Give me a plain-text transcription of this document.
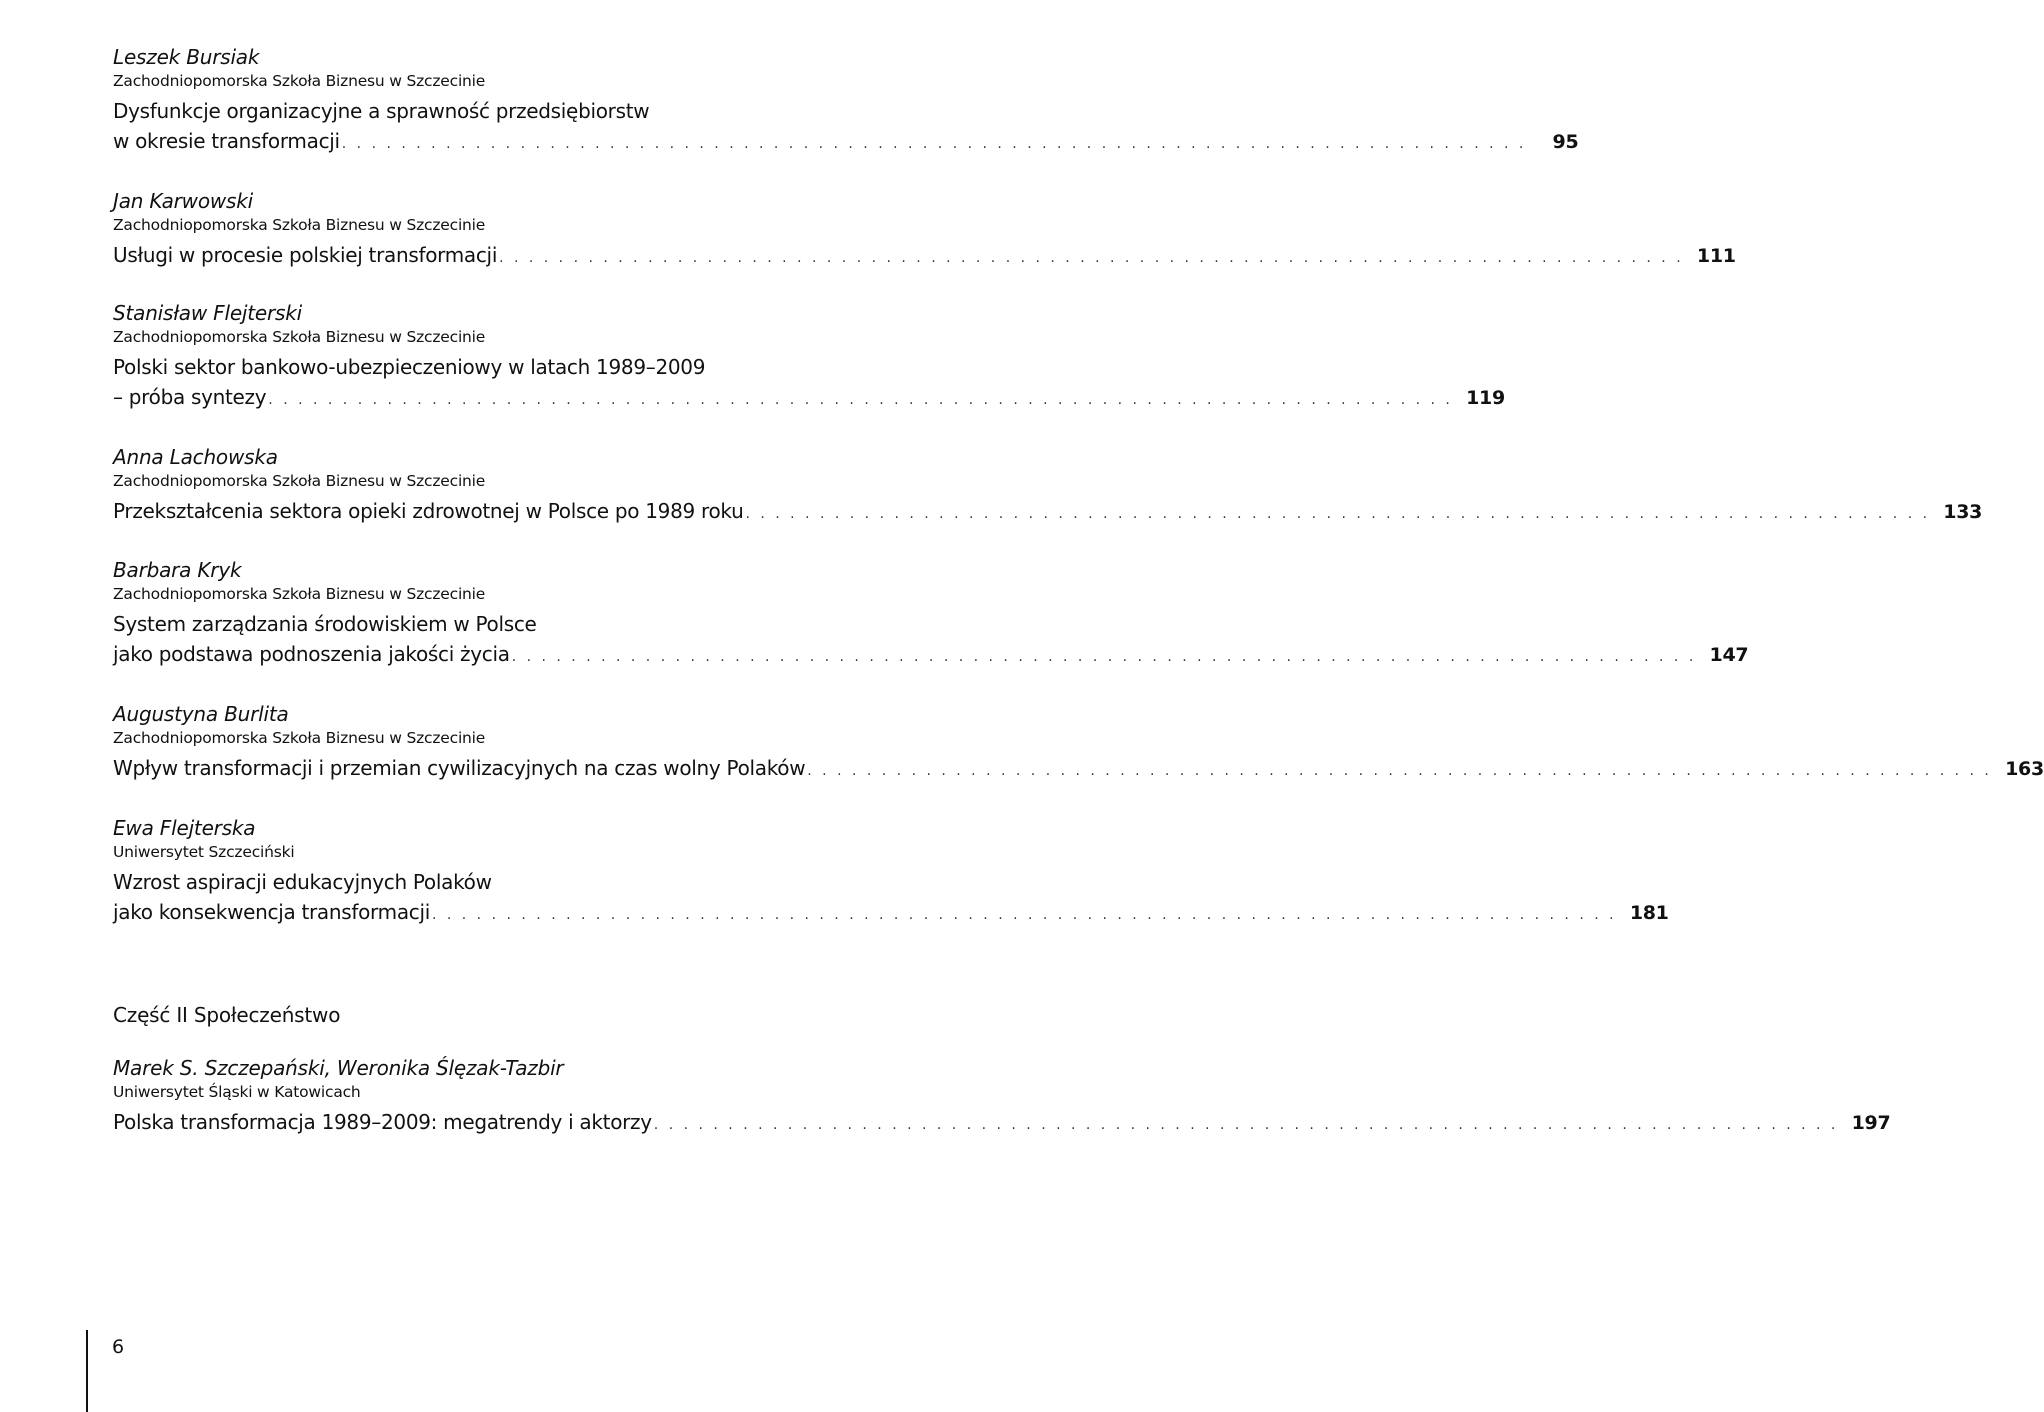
Leszek Bursiak
Zachodniopomorska Szkoła Biznesu w Szczecinie
Dysfunkcje organizacyjne a sprawność przedsiębiorstw
w okresie transformacji . . . . . . . . . . . . . . . . . . . . . . . . . . . . . . . . . . . . . . . . . . . . . . . . . . . . . . . . . . . . . . . . . . . . . . . . . . . . . . . .	95
Jan Karwowski
Zachodniopomorska Szkoła Biznesu w Szczecinie
Usługi w procesie polskiej transformacji . . . . . . . . . . . . . . . . . . . . . . . . . . . . . . . . . . . . . . . . . . . . . . . . . . . . . . . . . . . . . . . . . . . . . . . . . . . . . . . . 111
Stanisław Flejterski
Zachodniopomorska Szkoła Biznesu w Szczecinie
Polski sektor bankowo-ubezpieczeniowy w latach 1989–2009
– próba syntezy . . . . . . . . . . . . . . . . . . . . . . . . . . . . . . . . . . . . . . . . . . . . . . . . . . . . . . . . . . . . . . . . . . . . . . . . . . . . . . . . 119
Anna Lachowska
Zachodniopomorska Szkoła Biznesu w Szczecinie
Przekształcenia sektora opieki zdrowotnej w Polsce po 1989 roku . . . . . . . . . . . . . . . . . . . . . . . . . . . . . . . . . . . . . . . . . . . . . . . . . . . . . . . . . . . . . . . . . . . . . . . . . . . . . . . . 133
Barbara Kryk
Zachodniopomorska Szkoła Biznesu w Szczecinie
System zarządzania środowiskiem w Polsce
jako podstawa podnoszenia jakości życia . . . . . . . . . . . . . . . . . . . . . . . . . . . . . . . . . . . . . . . . . . . . . . . . . . . . . . . . . . . . . . . . . . . . . . . . . . . . . . . . 147
Augustyna Burlita
Zachodniopomorska Szkoła Biznesu w Szczecinie
Wpływ transformacji i przemian cywilizacyjnych na czas wolny Polaków . . . . . . . . . . . . . . . . . . . . . . . . . . . . . . . . . . . . . . . . . . . . . . . . . . . . . . . . . . . . . . . . . . . . . . . . . . . . . . . . 163
Ewa Flejterska
Uniwersytet Szczeciński
Wzrost aspiracji edukacyjnych Polaków
jako konsekwencja transformacji . . . . . . . . . . . . . . . . . . . . . . . . . . . . . . . . . . . . . . . . . . . . . . . . . . . . . . . . . . . . . . . . . . . . . . . . . . . . . . . . 181
Część II Społeczeństwo
Marek S. Szczepański, Weronika Ślęzak-Tazbir
Uniwersytet Śląski w Katowicach
Polska transformacja 1989–2009: megatrendy i aktorzy . . . . . . . . . . . . . . . . . . . . . . . . . . . . . . . . . . . . . . . . . . . . . . . . . . . . . . . . . . . . . . . . . . . . . . . . . . . . . . . . 197
6
